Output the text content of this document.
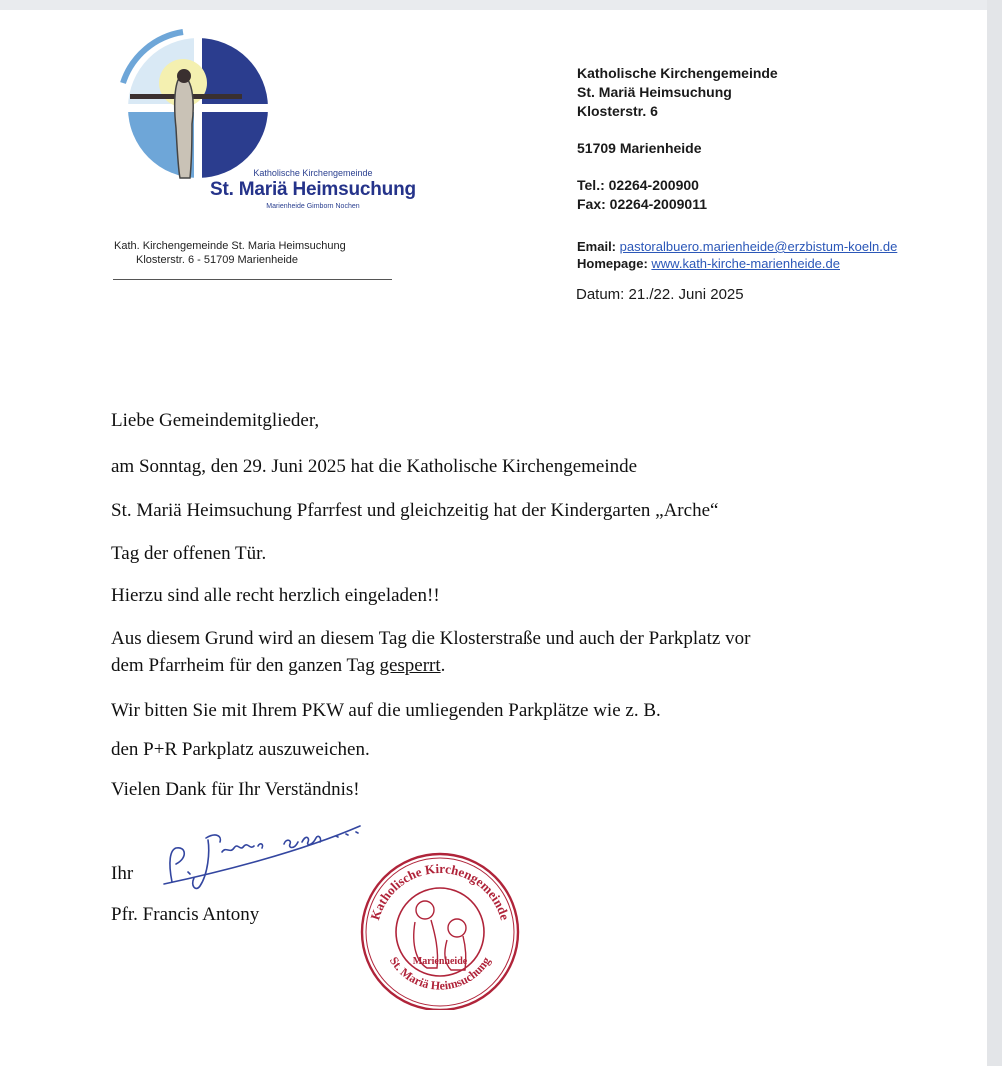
Katholische Kirchengemeinde
St. Mariä Heimsuchung
Marienheide Gimborn Nochen
Kath. Kirchengemeinde St. Maria Heimsuchung
Klosterstr. 6 - 51709 Marienheide
Katholische Kirchengemeinde
St. Mariä Heimsuchung
Klosterstr. 6
51709 Marienheide
Tel.: 02264-200900
Fax: 02264-2009011
Email: pastoralbuero.marienheide@erzbistum-koeln.de
Homepage: www.kath-kirche-marienheide.de
Datum: 21./22. Juni 2025
Liebe Gemeindemitglieder,
am Sonntag, den 29. Juni 2025 hat die Katholische Kirchengemeinde
St. Mariä Heimsuchung Pfarrfest und gleichzeitig hat der Kindergarten „Arche“
Tag der offenen Tür.
Hierzu sind alle recht herzlich eingeladen!!
Aus diesem Grund wird an diesem Tag die Klosterstraße und auch der Parkplatz vor
dem Pfarrheim für den ganzen Tag gesperrt.
Wir bitten Sie mit Ihrem PKW auf die umliegenden Parkplätze wie z. B.
den P+R Parkplatz auszuweichen.
Vielen Dank für Ihr Verständnis!
Ihr
Pfr. Francis Antony	Katholische Kirchengemeinde
St. Mariä Heimsuchung
Marienheide
